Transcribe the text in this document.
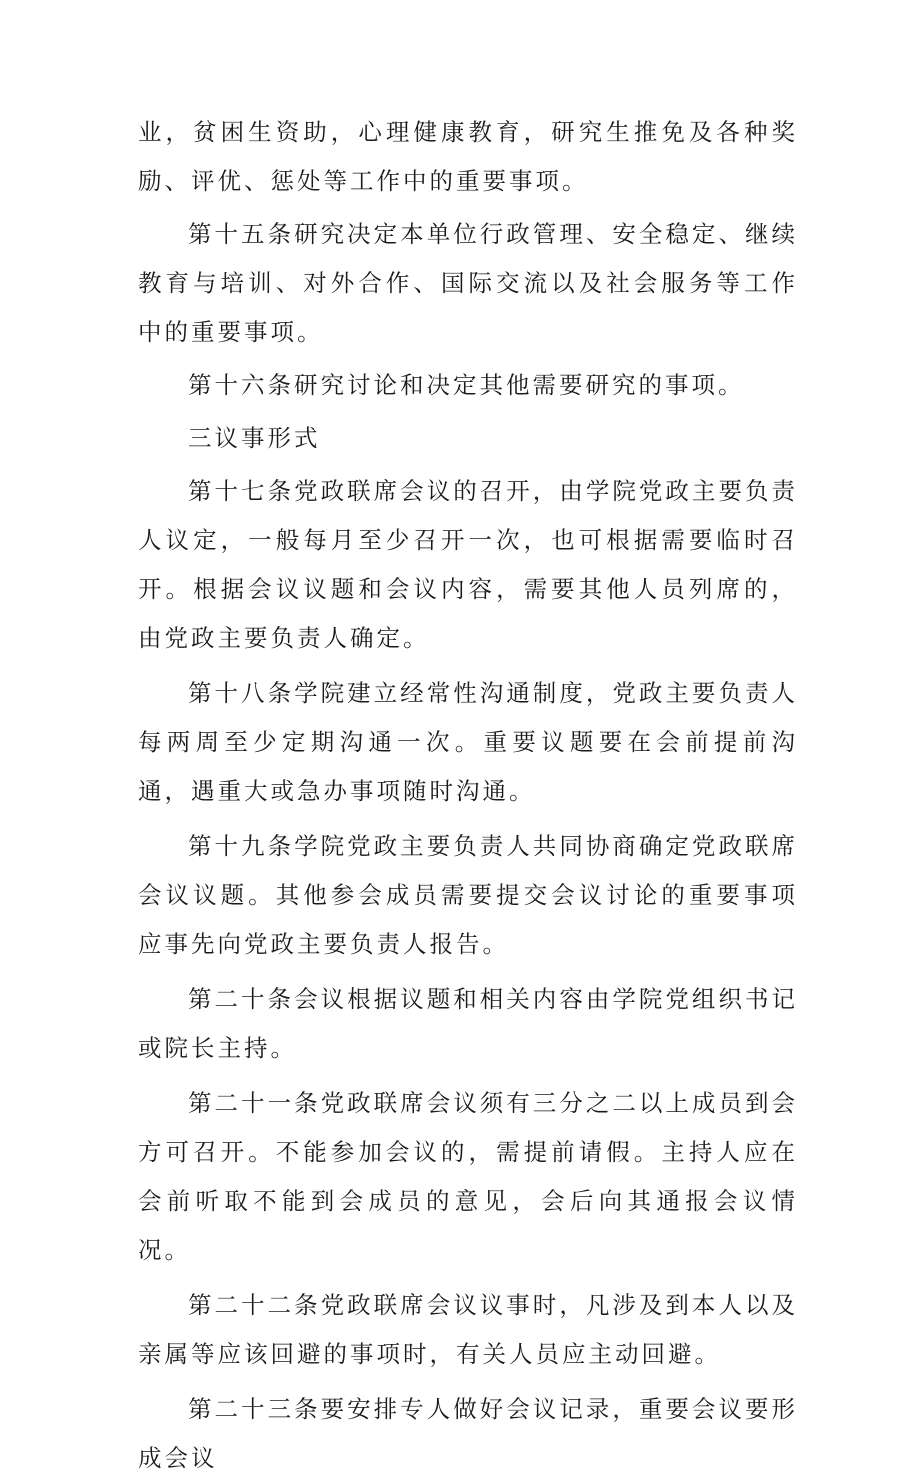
业，贫困生资助，心理健康教育，研究生推免及各种奖励、评优、惩处等工作中的重要事项。

第十五条研究决定本单位行政管理、安全稳定、继续教育与培训、对外合作、国际交流以及社会服务等工作中的重要事项。

第十六条研究讨论和决定其他需要研究的事项。

三议事形式

第十七条党政联席会议的召开，由学院党政主要负责人议定，一般每月至少召开一次，也可根据需要临时召开。根据会议议题和会议内容，需要其他人员列席的，由党政主要负责人确定。

第十八条学院建立经常性沟通制度，党政主要负责人每两周至少定期沟通一次。重要议题要在会前提前沟通，遇重大或急办事项随时沟通。

第十九条学院党政主要负责人共同协商确定党政联席会议议题。其他参会成员需要提交会议讨论的重要事项应事先向党政主要负责人报告。

第二十条会议根据议题和相关内容由学院党组织书记或院长主持。

第二十一条党政联席会议须有三分之二以上成员到会方可召开。不能参加会议的，需提前请假。主持人应在会前听取不能到会成员的意见，会后向其通报会议情况。

第二十二条党政联席会议议事时，凡涉及到本人以及亲属等应该回避的事项时，有关人员应主动回避。

第二十三条要安排专人做好会议记录，重要会议要形成会议
